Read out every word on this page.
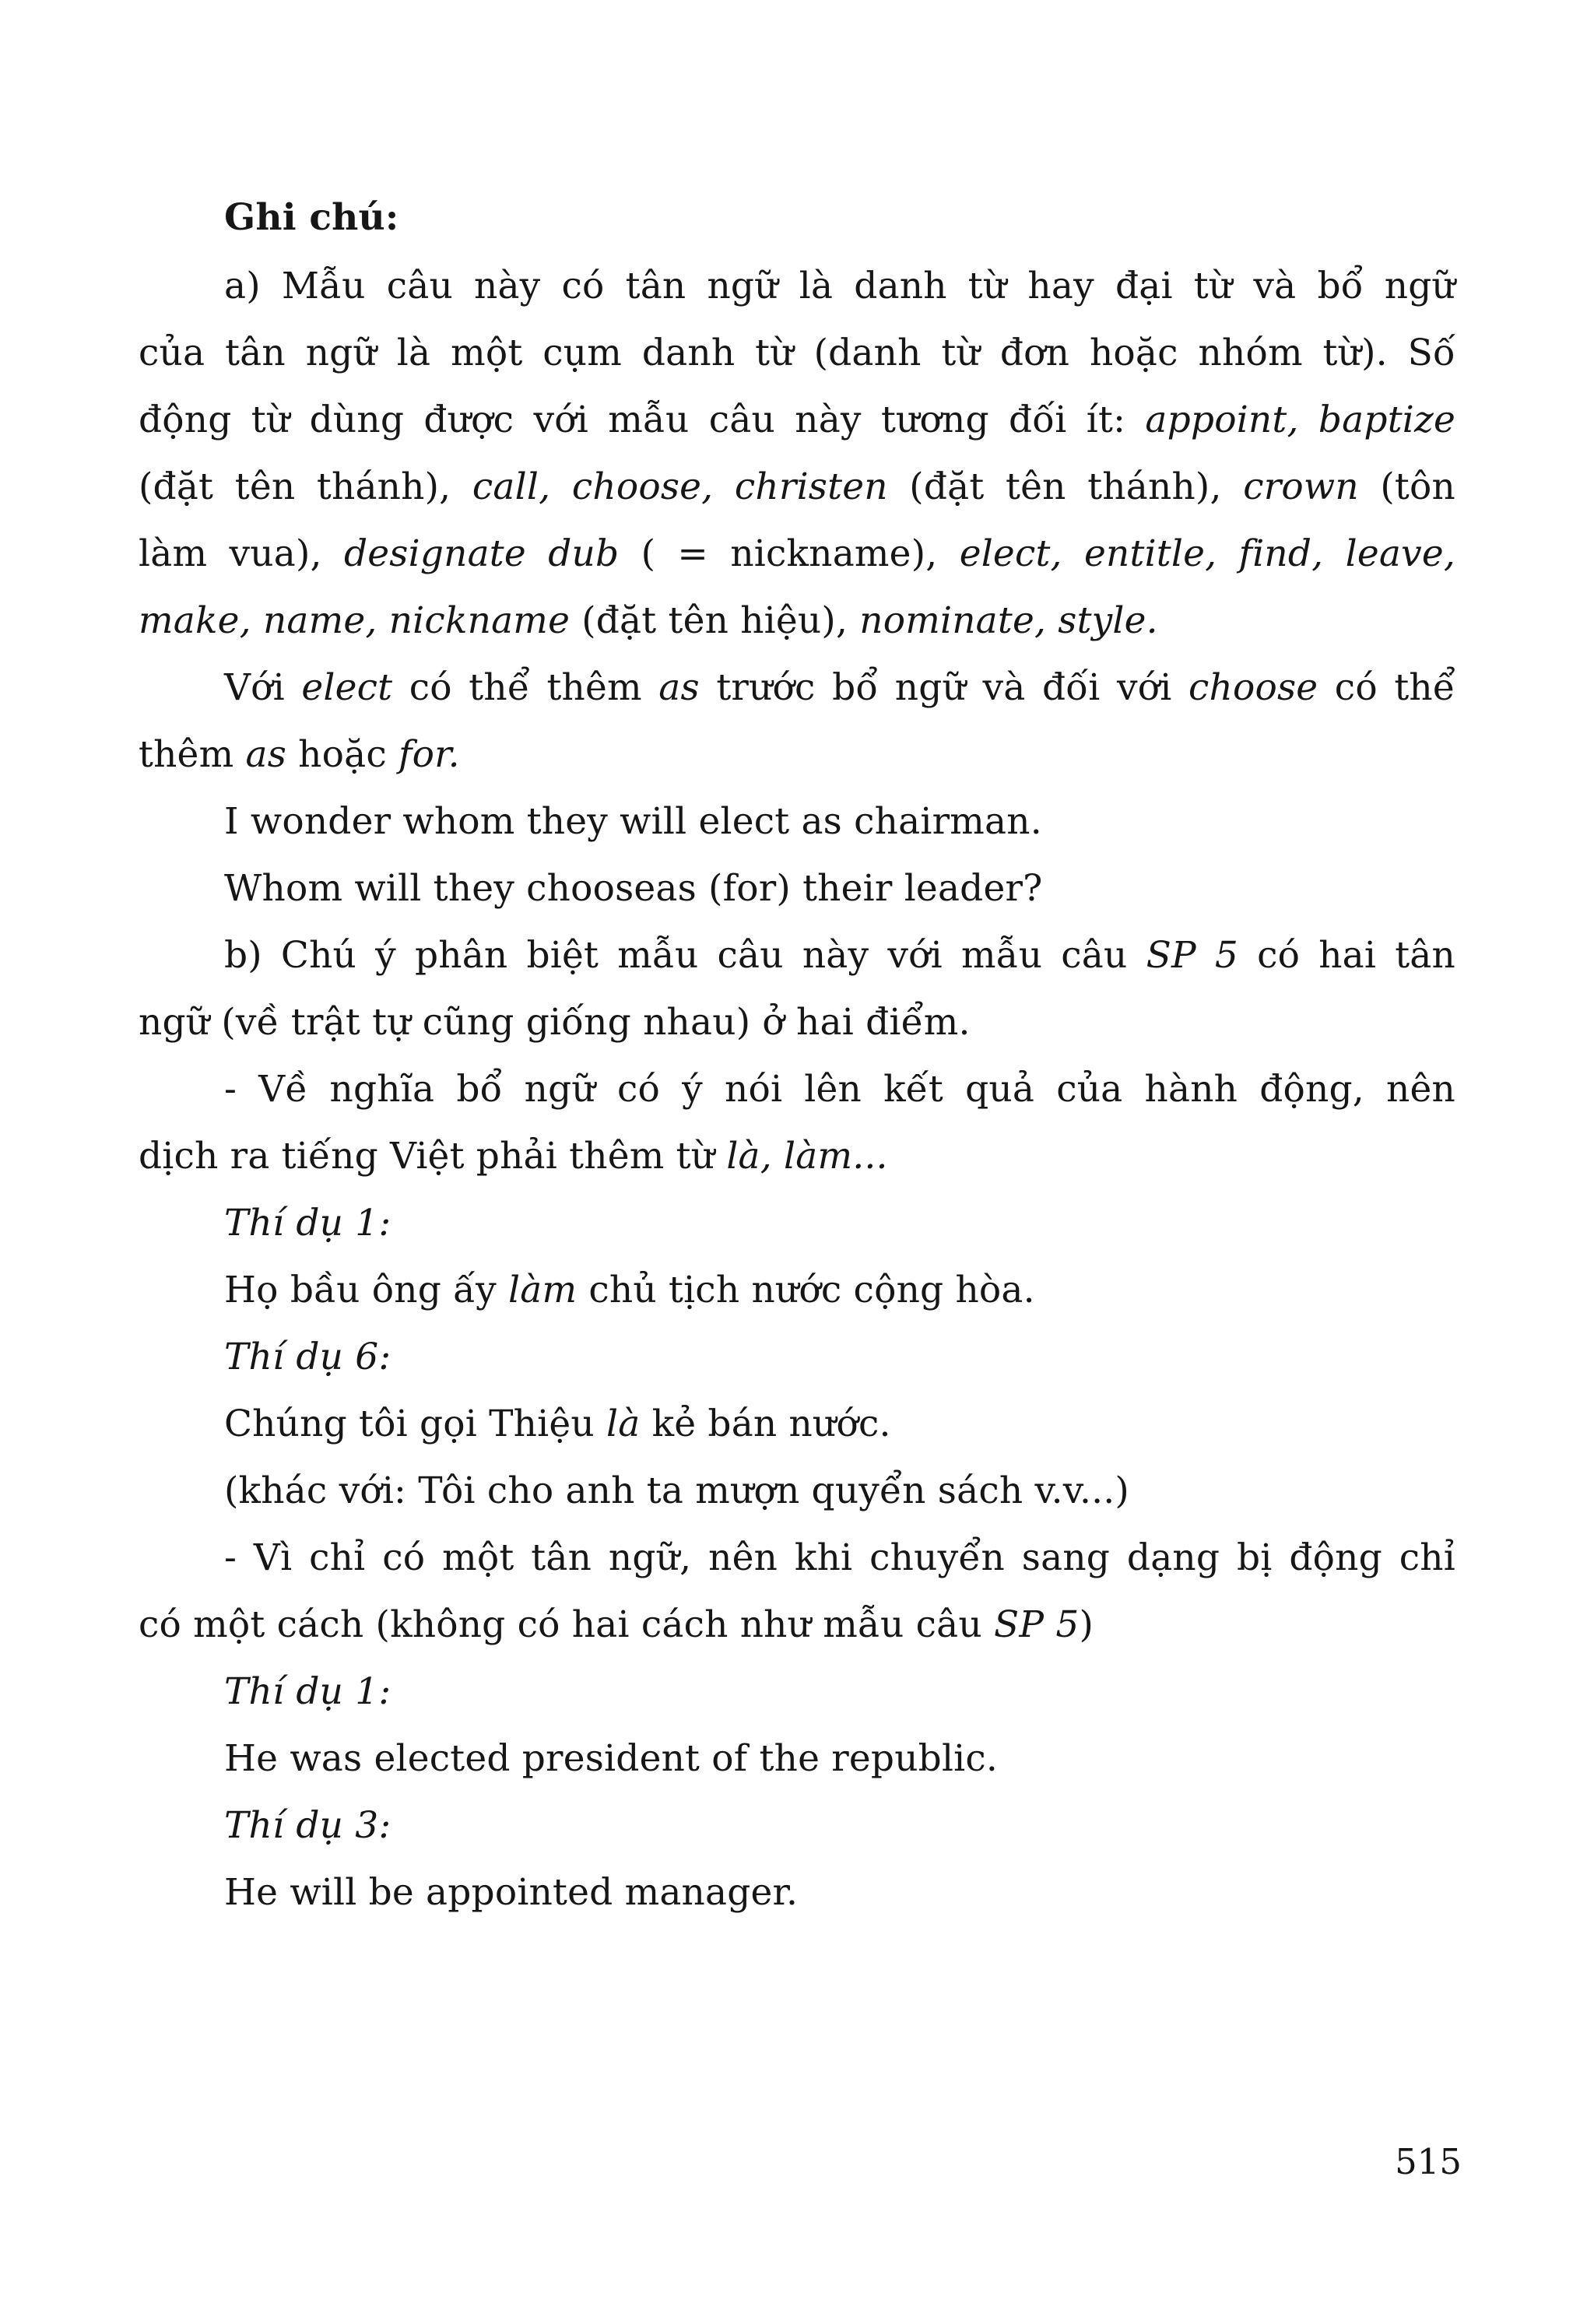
Ghi chú:
a) Mẫu câu này có tân ngữ là danh từ hay đại từ và bổ ngữ
của tân ngữ là một cụm danh từ (danh từ đơn hoặc nhóm từ). Số
động từ dùng được với mẫu câu này tương đối ít: appoint, baptize
(đặt tên thánh), call, choose, christen (đặt tên thánh), crown (tôn
làm vua), designate dub ( = nickname), elect, entitle, find, leave,
make, name, nickname (đặt tên hiệu), nominate, style.
Với elect có thể thêm as trước bổ ngữ và đối với choose có thể
thêm as hoặc for.
I wonder whom they will elect as chairman.
Whom will they chooseas (for) their leader?
b) Chú ý phân biệt mẫu câu này với mẫu câu SP 5 có hai tân
ngữ (về trật tự cũng giống nhau) ở hai điểm.
- Về nghĩa bổ ngữ có ý nói lên kết quả của hành động, nên
dịch ra tiếng Việt phải thêm từ là, làm...
Thí dụ 1:
Họ bầu ông ấy làm chủ tịch nước cộng hòa.
Thí dụ 6:
Chúng tôi gọi Thiệu là kẻ bán nước.
(khác với: Tôi cho anh ta mượn quyển sách v.v...)
- Vì chỉ có một tân ngữ, nên khi chuyển sang dạng bị động chỉ
có một cách (không có hai cách như mẫu câu SP 5)
Thí dụ 1:
He was elected president of the republic.
Thí dụ 3:
He will be appointed manager.
515
